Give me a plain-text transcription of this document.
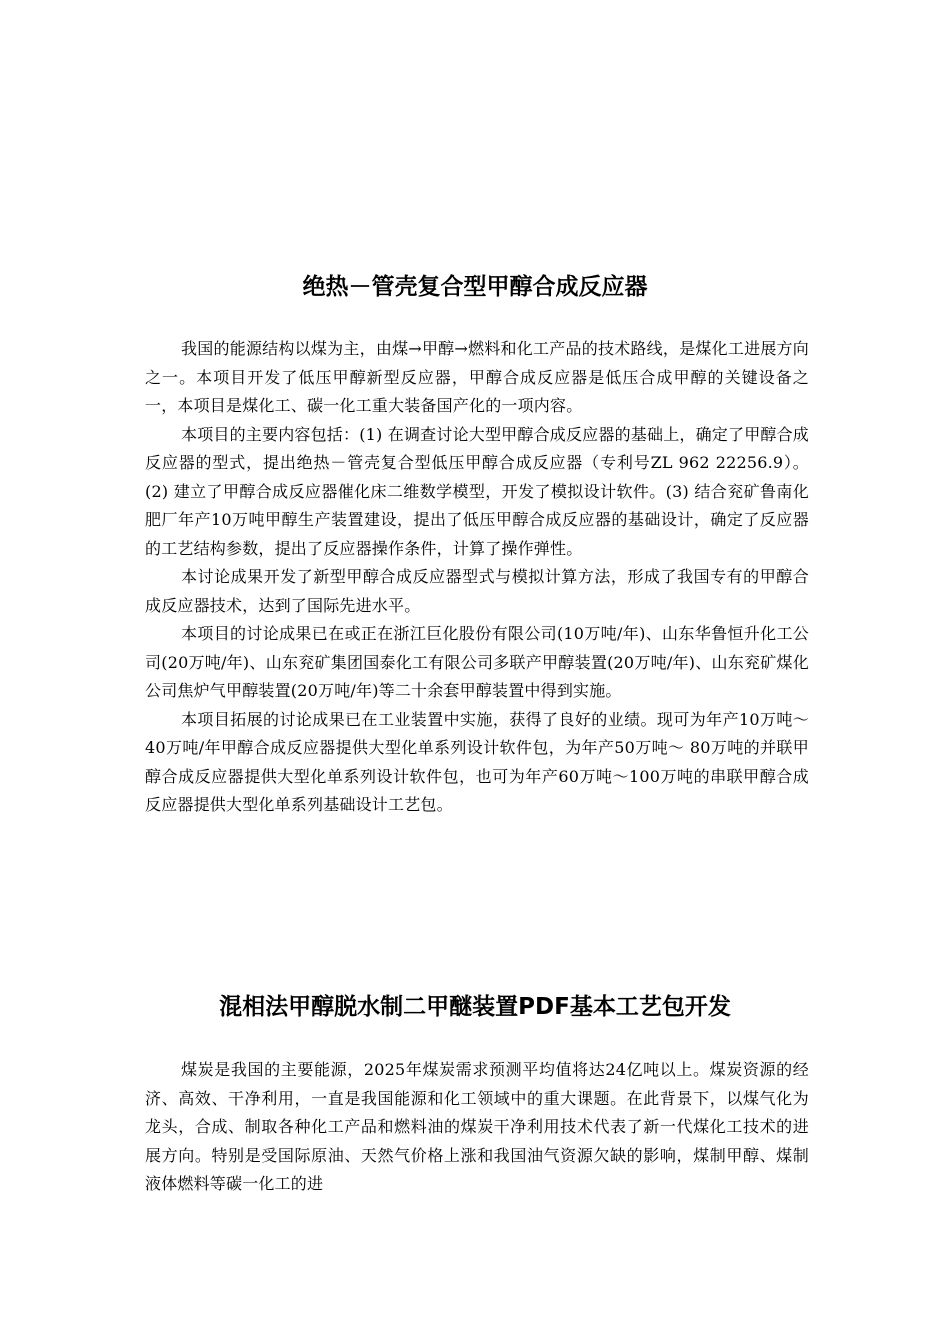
绝热－管壳复合型甲醇合成反应器

我国的能源结构以煤为主，由煤→甲醇→燃料和化工产品的技术路线，是煤化工进展方向之一。本项目开发了低压甲醇新型反应器，甲醇合成反应器是低压合成甲醇的关键设备之一，本项目是煤化工、碳一化工重大装备国产化的一项内容。

本项目的主要内容包括：(1) 在调查讨论大型甲醇合成反应器的基础上，确定了甲醇合成反应器的型式，提出绝热－管壳复合型低压甲醇合成反应器（专利号ZL 962 22256.9）。(2) 建立了甲醇合成反应器催化床二维数学模型，开发了模拟设计软件。(3) 结合兖矿鲁南化肥厂年产10万吨甲醇生产装置建设，提出了低压甲醇合成反应器的基础设计，确定了反应器的工艺结构参数，提出了反应器操作条件，计算了操作弹性。

本讨论成果开发了新型甲醇合成反应器型式与模拟计算方法，形成了我国专有的甲醇合成反应器技术，达到了国际先进水平。

本项目的讨论成果已在或正在浙江巨化股份有限公司(10万吨/年)、山东华鲁恒升化工公司(20万吨/年)、山东兖矿集团国泰化工有限公司多联产甲醇装置(20万吨/年)、山东兖矿煤化公司焦炉气甲醇装置(20万吨/年)等二十余套甲醇装置中得到实施。

本项目拓展的讨论成果已在工业装置中实施，获得了良好的业绩。现可为年产10万吨～40万吨/年甲醇合成反应器提供大型化单系列设计软件包，为年产50万吨～ 80万吨的并联甲醇合成反应器提供大型化单系列设计软件包，也可为年产60万吨～100万吨的串联甲醇合成反应器提供大型化单系列基础设计工艺包。

混相法甲醇脱水制二甲醚装置PDF基本工艺包开发

煤炭是我国的主要能源，2025年煤炭需求预测平均值将达24亿吨以上。煤炭资源的经济、高效、干净利用，一直是我国能源和化工领域中的重大课题。在此背景下，以煤气化为龙头，合成、制取各种化工产品和燃料油的煤炭干净利用技术代表了新一代煤化工技术的进展方向。特别是受国际原油、天然气价格上涨和我国油气资源欠缺的影响，煤制甲醇、煤制液体燃料等碳一化工的进
